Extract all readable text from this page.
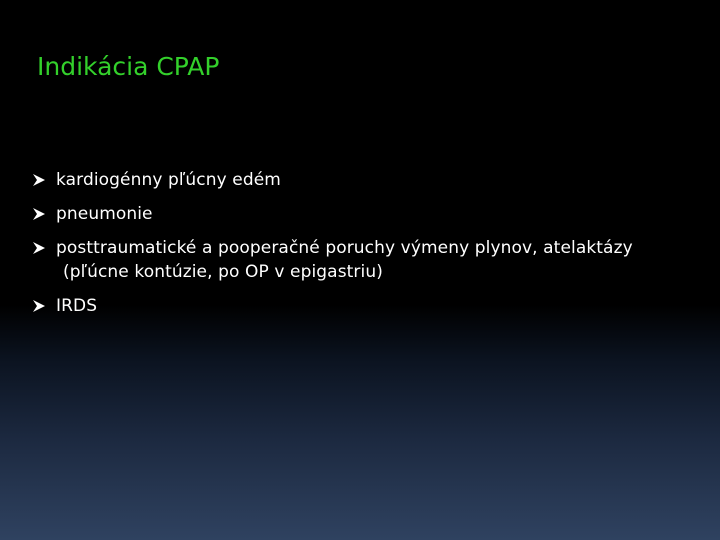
Indikácia CPAP
kardiogénny pľúcny edém
pneumonie
posttraumatické a pooperačné poruchy výmeny plynov, atelaktázy
(pľúcne kontúzie, po OP v epigastriu)
IRDS
